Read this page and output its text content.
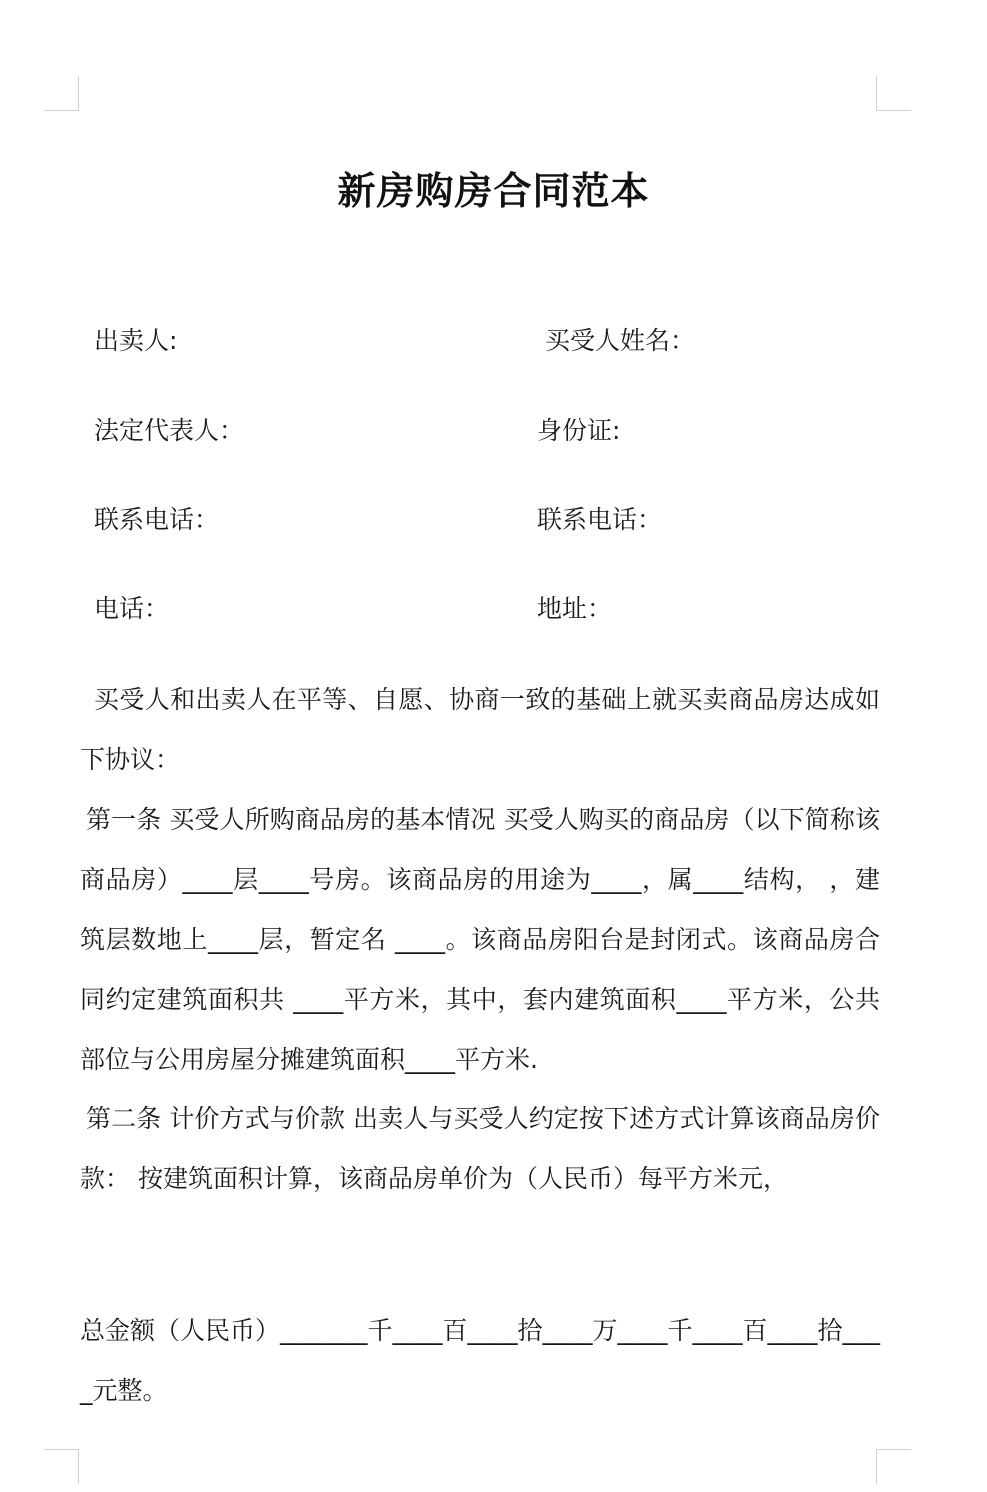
新房购房合同范本
出卖人:	买受人姓名：
法定代表人：	身份证:
联系电话：	联系电话：
电话：	地址：

买受人和出卖人在平等、自愿、协商一致的基础上就买卖商品房达成如下协议：

第一条 买受人所购商品房的基本情况 买受人购买的商品房（以下简称该商品房）____层____号房。该商品房的用途为____，属____结构， ，建筑层数地上____层，暂定名 ____。该商品房阳台是封闭式。该商品房合同约定建筑面积共 ____平方米，其中，套内建筑面积____平方米，公共部位与公用房屋分摊建筑面积____平方米.

第二条 计价方式与价款 出卖人与买受人约定按下述方式计算该商品房价款： 按建筑面积计算，该商品房单价为（人民币）每平方米元，

总金额（人民币）_______千____百____拾____万____千____百____拾____元整。
